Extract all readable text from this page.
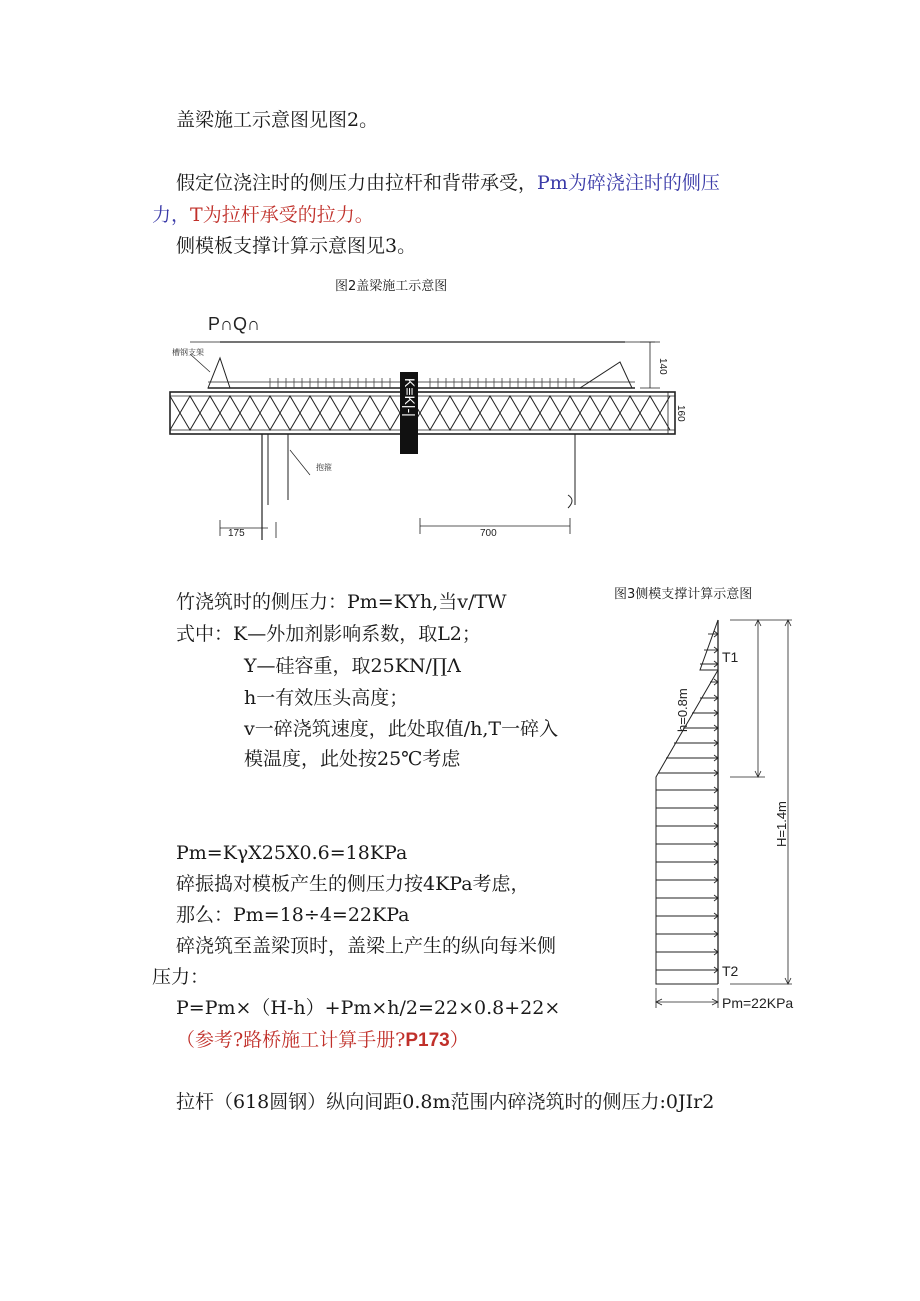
盖梁施工示意图见图2。
假定位浇注时的侧压力由拉杆和背带承受，Pm为碎浇注时的侧压
力，T为拉杆承受的拉力。
侧模板支撑计算示意图见3。
图2盖梁施工示意图
P∩Q∩
槽钢支架
140
160
K≡K|-|
抱箍
175	700
图3侧模支撑计算示意图
T1
T2
h=0.8m
H=1.4m
Pm=22KPa
竹浇筑时的侧压力：Pm=KYh,当v/TW
式中：K—外加剂影响系数，取L2；
Y—硅容重，取25KN/∏Λ
h一有效压头高度；
v一碎浇筑速度，此处取值/h,T一碎入
模温度，此处按25℃考虑
Pm=KγX25X0.6=18KPa
碎振捣对模板产生的侧压力按4KPa考虑，
那么：Pm=18÷4=22KPa
碎浇筑至盖梁顶时，盖梁上产生的纵向每米侧
压力：
P=Pm×（H-h）+Pm×h/2=22×0.8+22×
（参考?路桥施工计算手册?P173）
拉杆（618圆钢）纵向间距0.8m范围内碎浇筑时的侧压力:0JIr2
